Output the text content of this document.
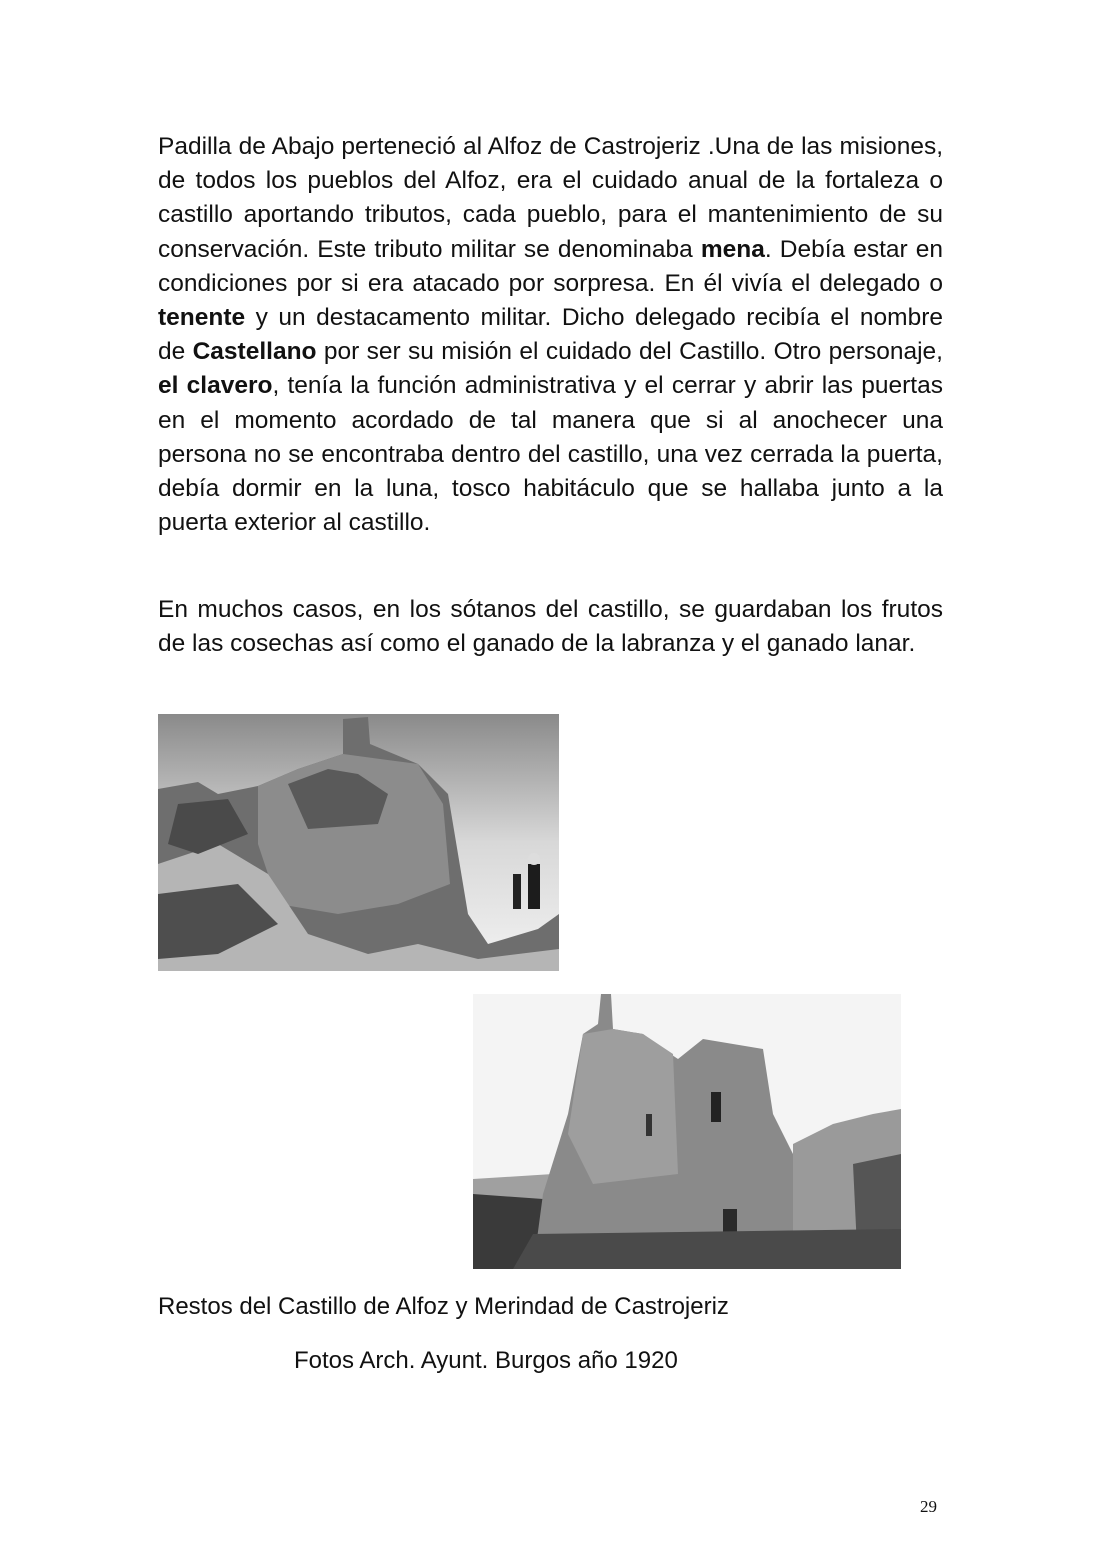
Padilla de Abajo perteneció al Alfoz de Castrojeriz .Una de las misiones, de todos los pueblos del Alfoz, era el cuidado anual de la fortaleza o castillo aportando tributos, cada pueblo, para el mantenimiento de su conservación. Este tributo militar se denominaba mena. Debía estar en condiciones por si era atacado por sorpresa. En él vivía el delegado o tenente y un destacamento militar. Dicho delegado recibía el nombre de Castellano por ser su misión el cuidado del Castillo. Otro personaje, el clavero, tenía la función administrativa y el cerrar y abrir las puertas en el momento acordado de tal manera que si al anochecer una persona no se encontraba dentro del castillo, una vez cerrada la puerta, debía dormir en la luna, tosco habitáculo que se hallaba junto a la puerta exterior al castillo.

En muchos casos, en los sótanos del castillo, se guardaban los frutos de las cosechas así como el ganado de la labranza y el ganado lanar.

Restos del Castillo de Alfoz y Merindad de Castrojeriz

Fotos Arch. Ayunt. Burgos año 1920

29
